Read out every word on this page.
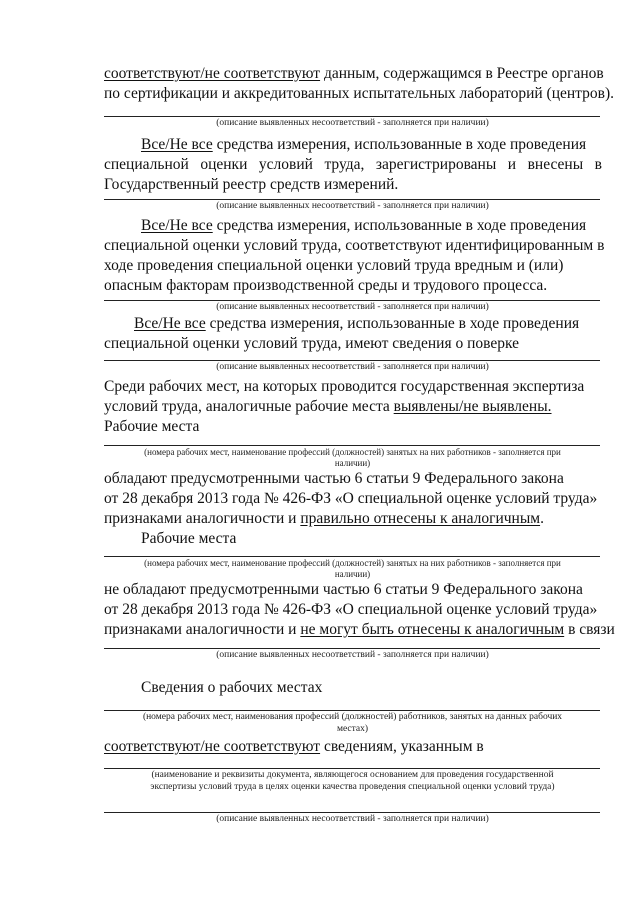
соответствуют/не соответствуют данным, содержащимся в Реестре органов
по сертификации и аккредитованных испытательных лабораторий (центров).
(описание выявленных несоответствий - заполняется при наличии)
Все/Не все средства измерения, использованные в ходе проведения
специальной оценки условий труда, зарегистрированы и внесены в
Государственный реестр средств измерений.
(описание выявленных несоответствий - заполняется при наличии)
Все/Не все средства измерения, использованные в ходе проведения
специальной оценки условий труда, соответствуют идентифицированным в
ходе проведения специальной оценки условий труда вредным и (или)
опасным факторам производственной среды и трудового процесса.
(описание выявленных несоответствий - заполняется при наличии)
Все/Не все средства измерения, использованные в ходе проведения
специальной оценки условий труда, имеют сведения о поверке
(описание выявленных несоответствий - заполняется при наличии)
Среди рабочих мест, на которых проводится государственная экспертиза
условий труда, аналогичные рабочие места выявлены/не выявлены.
Рабочие места
(номера рабочих мест, наименование профессий (должностей) занятых на них работников - заполняется при
наличии)
обладают предусмотренными частью 6 статьи 9 Федерального закона
от 28 декабря 2013 года № 426-ФЗ «О специальной оценке условий труда»
признаками аналогичности и правильно отнесены к аналогичным.
Рабочие места
(номера рабочих мест, наименование профессий (должностей) занятых на них работников - заполняется при
наличии)
не обладают предусмотренными частью 6 статьи 9 Федерального закона
от 28 декабря 2013 года № 426-ФЗ «О специальной оценке условий труда»
признаками аналогичности и не могут быть отнесены к аналогичным в связи
(описание выявленных несоответствий - заполняется при наличии)
Сведения о рабочих местах
(номера рабочих мест, наименования профессий (должностей) работников, занятых на данных рабочих
местах)
соответствуют/не соответствуют сведениям, указанным в
(наименование и реквизиты документа, являющегося основанием для проведения государственной
экспертизы условий труда в целях оценки качества проведения специальной оценки условий труда)
(описание выявленных несоответствий - заполняется при наличии)
